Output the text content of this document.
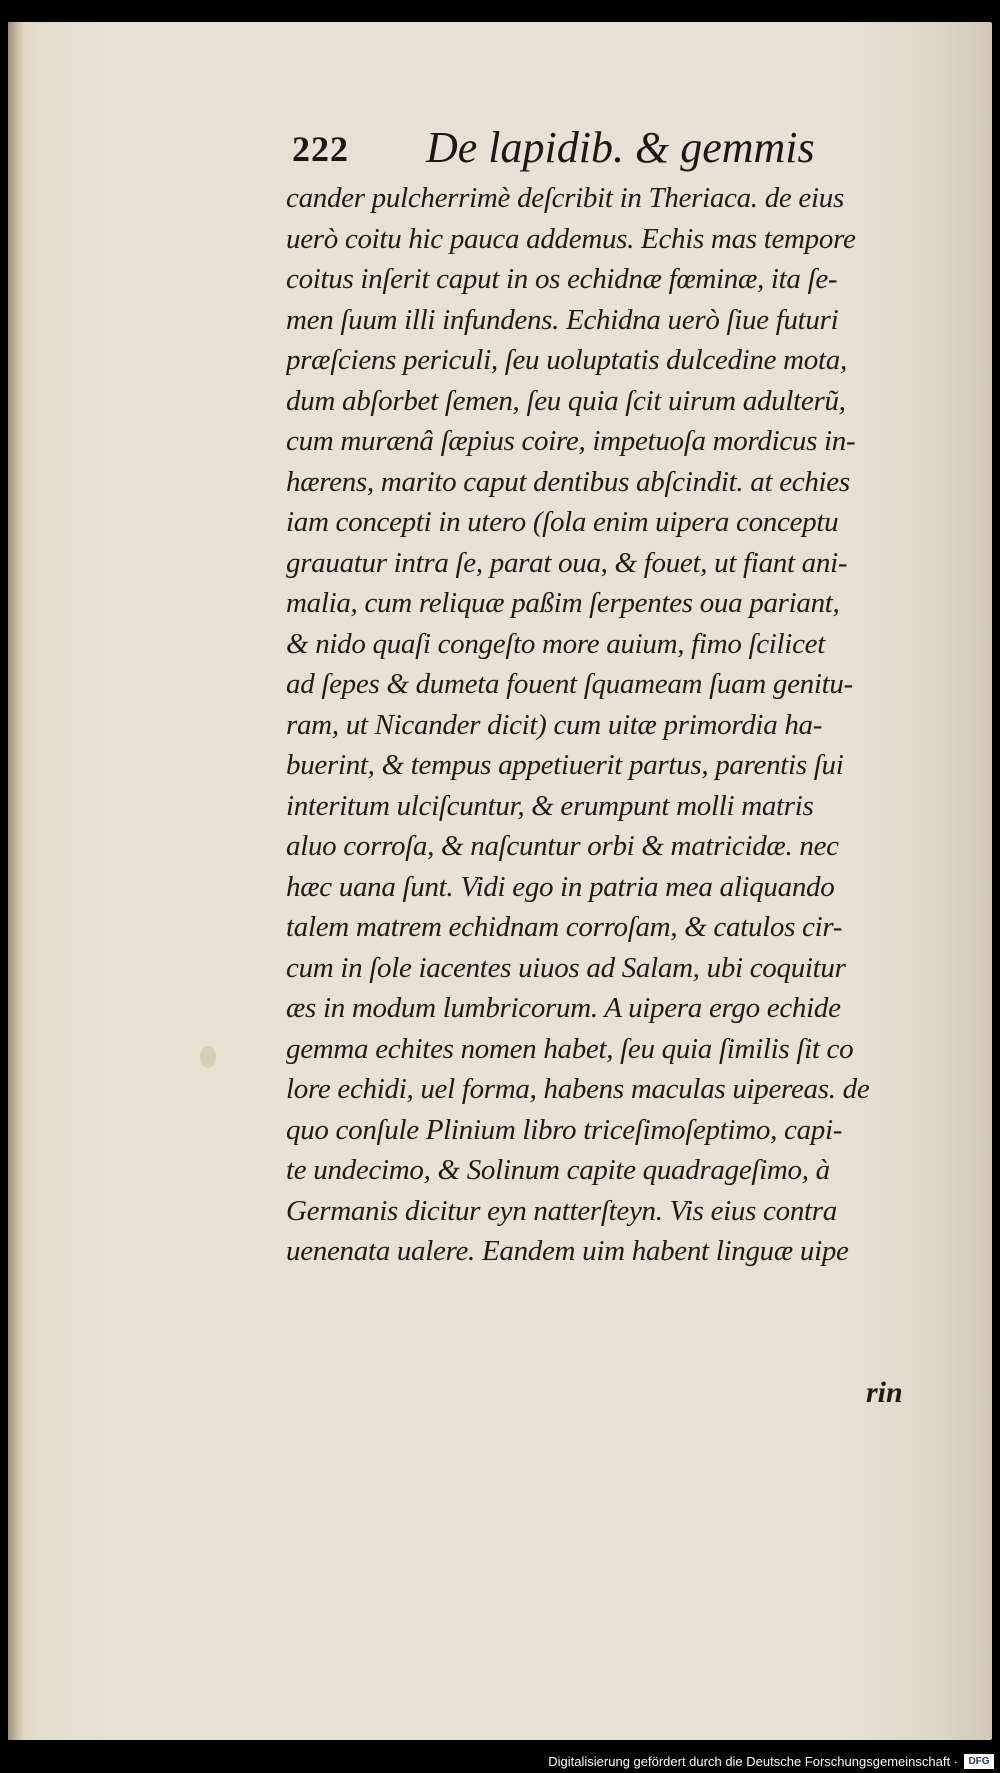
222 De lapidib. & gemmis
cander pulcherrimè deſcribit in Theriaca. de eius
uerò coitu hic pauca addemus. Echis mas tempore
coitus inſerit caput in os echidnæ fœminæ, ita ſe-
men ſuum illi infundens. Echidna uerò ſiue futuri
præſciens periculi, ſeu uoluptatis dulcedine mota,
dum abſorbet ſemen, ſeu quia ſcit uirum adulterũ,
cum murænâ ſæpius coire, impetuoſa mordicus in-
hærens, marito caput dentibus abſcindit. at echies
iam concepti in utero (ſola enim uipera conceptu
grauatur intra ſe, parat oua, & fouet, ut fiant ani-
malia, cum reliquæ paßim ſerpentes oua pariant,
& nido quaſi congeſto more auium, fimo ſcilicet
ad ſepes & dumeta fouent ſquameam ſuam genitu-
ram, ut Nicander dicit) cum uitæ primordia ha-
buerint, & tempus appetiuerit partus, parentis ſui
interitum ulciſcuntur, & erumpunt molli matris
aluo corroſa, & naſcuntur orbi & matricidæ. nec
hæc uana ſunt. Vidi ego in patria mea aliquando
talem matrem echidnam corroſam, & catulos cir-
cum in ſole iacentes uiuos ad Salam, ubi coquitur
æs in modum lumbricorum. A uipera ergo echide
gemma echites nomen habet, ſeu quia ſimilis ſit co
lore echidi, uel forma, habens maculas uipereas. de
quo conſule Plinium libro triceſimoſeptimo, capi-
te undecimo, & Solinum capite quadrageſimo, à
Germanis dicitur eyn natterſteyn. Vis eius contra
uenenata ualere. Eandem uim habent linguæ uipe
rin
Digitalisierung gefördert durch die Deutsche Forschungsgemeinschaft ·	DFG
